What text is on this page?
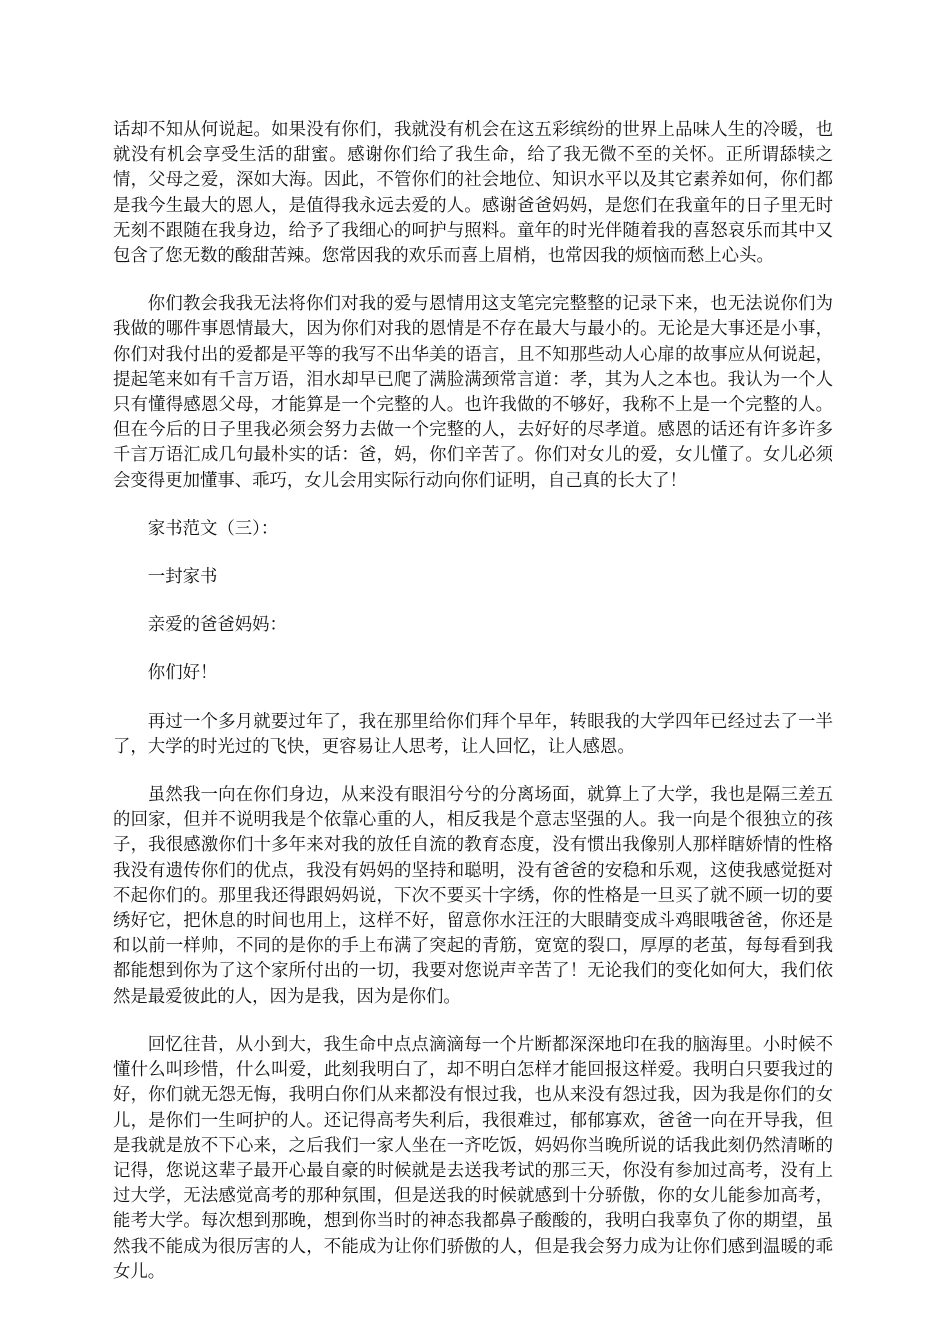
话却不知从何说起。如果没有你们，我就没有机会在这五彩缤纷的世界上品味人生的冷暖，也就没有机会享受生活的甜蜜。感谢你们给了我生命，给了我无微不至的关怀。正所谓舔犊之情，父母之爱，深如大海。因此，不管你们的社会地位、知识水平以及其它素养如何，你们都是我今生最大的恩人，是值得我永远去爱的人。感谢爸爸妈妈，是您们在我童年的日子里无时无刻不跟随在我身边，给予了我细心的呵护与照料。童年的时光伴随着我的喜怒哀乐而其中又包含了您无数的酸甜苦辣。您常因我的欢乐而喜上眉梢，也常因我的烦恼而愁上心头。

你们教会我我无法将你们对我的爱与恩情用这支笔完完整整的记录下来，也无法说你们为我做的哪件事恩情最大，因为你们对我的恩情是不存在最大与最小的。无论是大事还是小事，你们对我付出的爱都是平等的我写不出华美的语言，且不知那些动人心扉的故事应从何说起，提起笔来如有千言万语，泪水却早已爬了满脸满颈常言道：孝，其为人之本也。我认为一个人只有懂得感恩父母，才能算是一个完整的人。也许我做的不够好，我称不上是一个完整的人。但在今后的日子里我必须会努力去做一个完整的人，去好好的尽孝道。感恩的话还有许多许多千言万语汇成几句最朴实的话：爸，妈，你们辛苦了。你们对女儿的爱，女儿懂了。女儿必须会变得更加懂事、乖巧，女儿会用实际行动向你们证明，自己真的长大了！

家书范文（三）：

一封家书

亲爱的爸爸妈妈：

你们好！

再过一个多月就要过年了，我在那里给你们拜个早年，转眼我的大学四年已经过去了一半了，大学的时光过的飞快，更容易让人思考，让人回忆，让人感恩。

虽然我一向在你们身边，从来没有眼泪兮兮的分离场面，就算上了大学，我也是隔三差五的回家，但并不说明我是个依靠心重的人，相反我是个意志坚强的人。我一向是个很独立的孩子，我很感激你们十多年来对我的放任自流的教育态度，没有惯出我像别人那样瞎娇情的性格我没有遗传你们的优点，我没有妈妈的坚持和聪明，没有爸爸的安稳和乐观，这使我感觉挺对不起你们的。那里我还得跟妈妈说，下次不要买十字绣，你的性格是一旦买了就不顾一切的要绣好它，把休息的时间也用上，这样不好，留意你水汪汪的大眼睛变成斗鸡眼哦爸爸，你还是和以前一样帅，不同的是你的手上布满了突起的青筋，宽宽的裂口，厚厚的老茧，每每看到我都能想到你为了这个家所付出的一切，我要对您说声辛苦了！无论我们的变化如何大，我们依然是最爱彼此的人，因为是我，因为是你们。

回忆往昔，从小到大，我生命中点点滴滴每一个片断都深深地印在我的脑海里。小时候不懂什么叫珍惜，什么叫爱，此刻我明白了，却不明白怎样才能回报这样爱。我明白只要我过的好，你们就无怨无悔，我明白你们从来都没有恨过我，也从来没有怨过我，因为我是你们的女儿，是你们一生呵护的人。还记得高考失利后，我很难过，郁郁寡欢，爸爸一向在开导我，但是我就是放不下心来，之后我们一家人坐在一齐吃饭，妈妈你当晚所说的话我此刻仍然清晰的记得，您说这辈子最开心最自豪的时候就是去送我考试的那三天，你没有参加过高考，没有上过大学，无法感觉高考的那种氛围，但是送我的时候就感到十分骄傲，你的女儿能参加高考，能考大学。每次想到那晚，想到你当时的神态我都鼻子酸酸的，我明白我辜负了你的期望，虽然我不能成为很厉害的人，不能成为让你们骄傲的人，但是我会努力成为让你们感到温暖的乖女儿。
